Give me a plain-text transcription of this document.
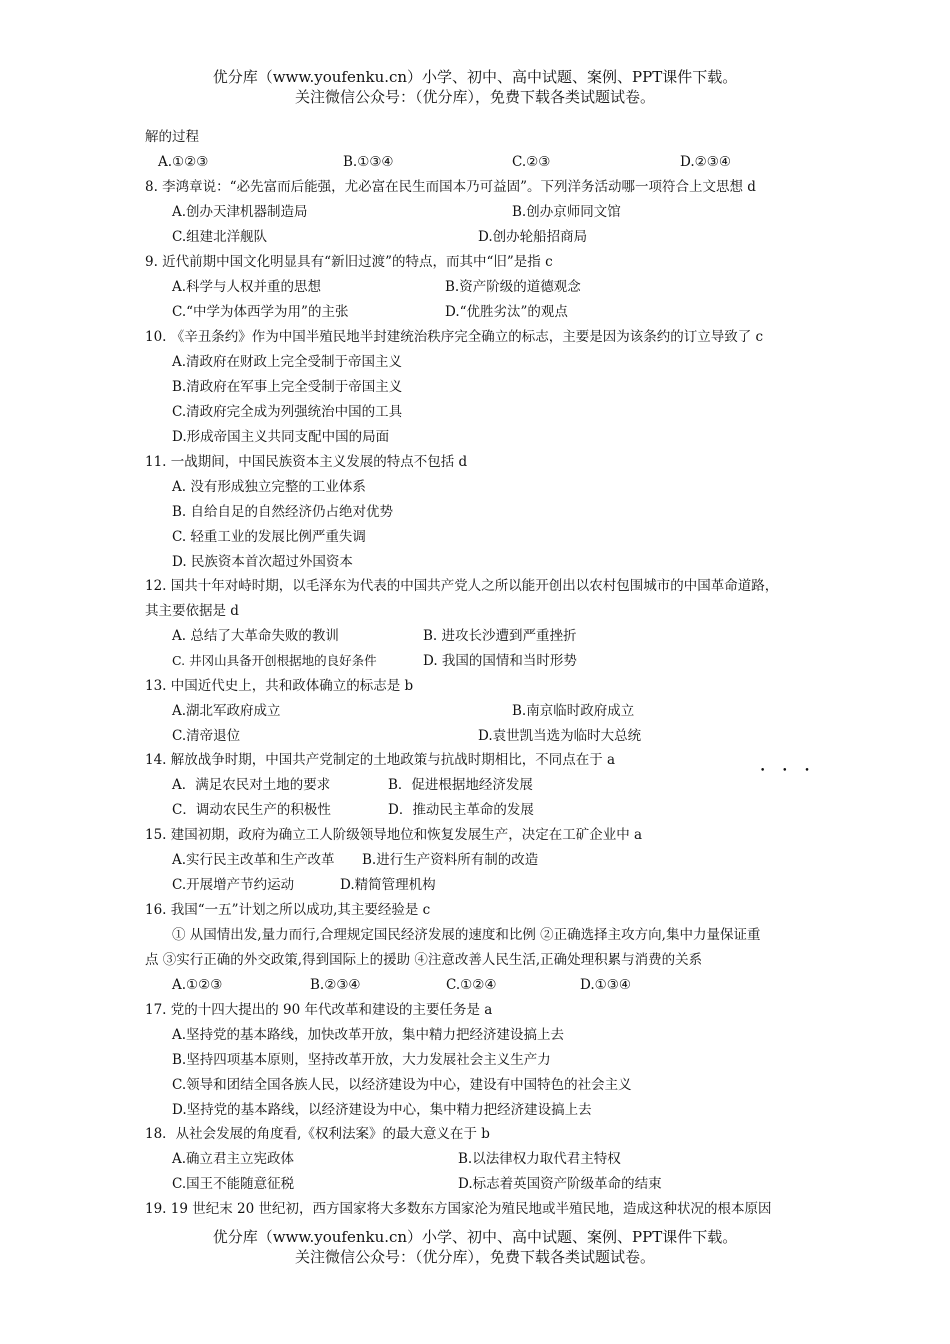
优分库（www.youfenku.cn）小学、初中、高中试题、案例、PPT课件下载。
关注微信公众号：（优分库），免费下载各类试题试卷。
解的过程
A.①②③	B.①③④	C.②③	D.②③④
8. 李鸿章说：“必先富而后能强，尤必富在民生而国本乃可益固”。下列洋务活动哪一项符合上文思想 d
A.创办天津机器制造局	B.创办京师同文馆
C.组建北洋舰队	D.创办轮船招商局
9. 近代前期中国文化明显具有“新旧过渡”的特点，而其中“旧”是指 c
A.科学与人权并重的思想	B.资产阶级的道德观念
C.“中学为体西学为用”的主张	D.“优胜劣汰”的观点
10. 《辛丑条约》作为中国半殖民地半封建统治秩序完全确立的标志，主要是因为该条约的订立导致了 c
A.清政府在财政上完全受制于帝国主义
B.清政府在军事上完全受制于帝国主义
C.清政府完全成为列强统治中国的工具
D.形成帝国主义共同支配中国的局面
11. 一战期间，中国民族资本主义发展的特点不包括 d
A. 没有形成独立完整的工业体系
B. 自给自足的自然经济仍占绝对优势
C. 轻重工业的发展比例严重失调
D. 民族资本首次超过外国资本
12. 国共十年对峙时期，以毛泽东为代表的中国共产党人之所以能开创出以农村包围城市的中国革命道路，
其主要依据是 d
A. 总结了大革命失败的教训	B. 进攻长沙遭到严重挫折
C. 井冈山具备开创根据地的良好条件	D. 我国的国情和当时形势
13. 中国近代史上，共和政体确立的标志是 b
A.湖北军政府成立	B.南京临时政府成立
C.清帝退位	D.袁世凯当选为临时大总统
14. 解放战争时期，中国共产党制定的土地政策与抗战时期相比，不同点在于 a
• • •
A．满足农民对土地的要求	B．促进根据地经济发展
C．调动农民生产的积极性	D．推动民主革命的发展
15. 建国初期，政府为确立工人阶级领导地位和恢复发展生产，决定在工矿企业中 a
A.实行民主改革和生产改革 B.进行生产资料所有制的改造
C.开展增产节约运动	D.精简管理机构
16. 我国“一五”计划之所以成功,其主要经验是 c
① 从国情出发,量力而行,合理规定国民经济发展的速度和比例 ②正确选择主攻方向,集中力量保证重
点 ③实行正确的外交政策,得到国际上的援助 ④注意改善人民生活,正确处理积累与消费的关系
A.①②③	B.②③④	C.①②④	D.①③④
17. 党的十四大提出的 90 年代改革和建设的主要任务是 a
A.坚持党的基本路线，加快改革开放，集中精力把经济建设搞上去
B.坚持四项基本原则，坚持改革开放，大力发展社会主义生产力
C.领导和团结全国各族人民，以经济建设为中心，建设有中国特色的社会主义
D.坚持党的基本路线，以经济建设为中心，集中精力把经济建设搞上去
18．从社会发展的角度看,《权利法案》的最大意义在于 b
A.确立君主立宪政体	B.以法律权力取代君主特权
C.国王不能随意征税	D.标志着英国资产阶级革命的结束
19. 19 世纪末 20 世纪初，西方国家将大多数东方国家沦为殖民地或半殖民地，造成这种状况的根本原因
优分库（www.youfenku.cn）小学、初中、高中试题、案例、PPT课件下载。
关注微信公众号：（优分库），免费下载各类试题试卷。
